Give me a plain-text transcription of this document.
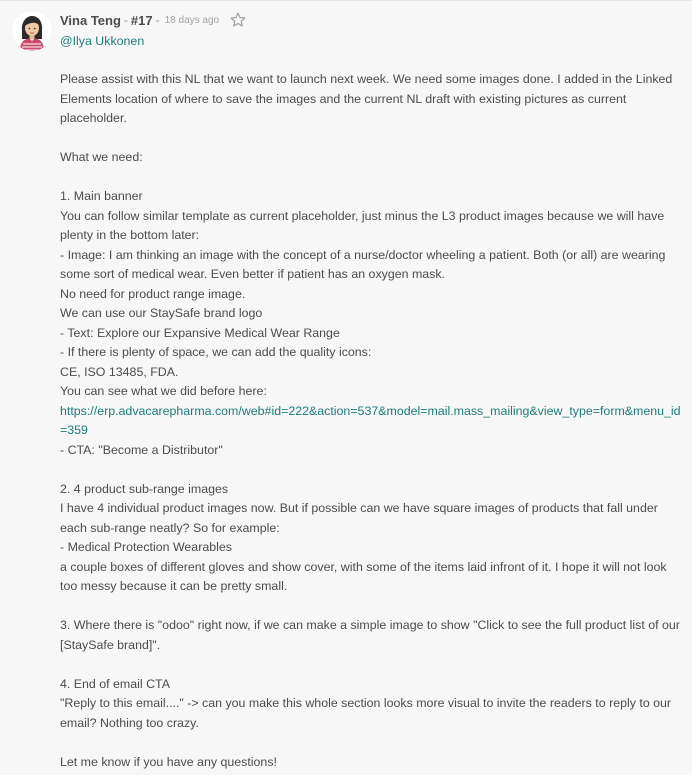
Vina Teng - #17 - 18 days ago
@Ilya Ukkonen

Please assist with this NL that we want to launch next week. We need some images done. I added in the Linked Elements location of where to save the images and the current NL draft with existing pictures as current placeholder.

What we need:

1. Main banner

You can follow similar template as current placeholder, just minus the L3 product images because we will have plenty in the bottom later:

- Image: I am thinking an image with the concept of a nurse/doctor wheeling a patient. Both (or all) are wearing some sort of medical wear. Even better if patient has an oxygen mask.

No need for product range image.

We can use our StaySafe brand logo

- Text: Explore our Expansive Medical Wear Range

- If there is plenty of space, we can add the quality icons:

CE, ISO 13485, FDA.

You can see what we did before here:

https://erp.advacarepharma.com/web#id=222&action=537&model=mail.mass_mailing&view_type=form&menu_id=359

- CTA: "Become a Distributor"

2. 4 product sub-range images

I have 4 individual product images now. But if possible can we have square images of products that fall under each sub-range neatly? So for example:

- Medical Protection Wearables

a couple boxes of different gloves and show cover, with some of the items laid infront of it. I hope it will not look too messy because it can be pretty small.

3. Where there is "odoo" right now, if we can make a simple image to show "Click to see the full product list of our [StaySafe brand]".

4. End of email CTA

"Reply to this email...." -> can you make this whole section looks more visual to invite the readers to reply to our email? Nothing too crazy.

Let me know if you have any questions!
